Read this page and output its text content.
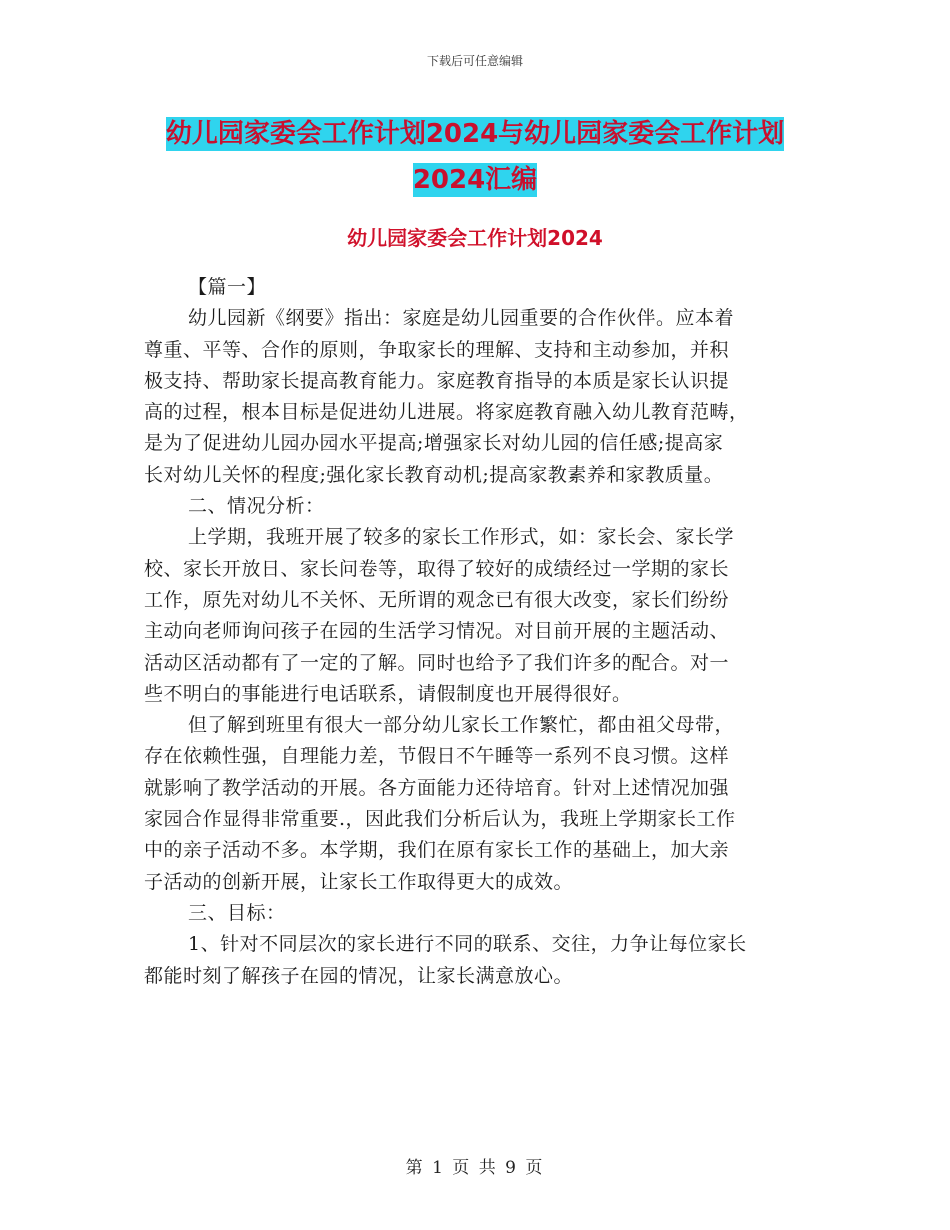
下载后可任意编辑
幼儿园家委会工作计划2024与幼儿园家委会工作计划
2024汇编
幼儿园家委会工作计划2024
【篇一】
幼儿园新《纲要》指出：家庭是幼儿园重要的合作伙伴。应本着
尊重、平等、合作的原则，争取家长的理解、支持和主动参加，并积
极支持、帮助家长提高教育能力。家庭教育指导的本质是家长认识提
高的过程，根本目标是促进幼儿进展。将家庭教育融入幼儿教育范畴，
是为了促进幼儿园办园水平提高;增强家长对幼儿园的信任感;提高家
长对幼儿关怀的程度;强化家长教育动机;提高家教素养和家教质量。
二、情况分析：
上学期，我班开展了较多的家长工作形式，如：家长会、家长学
校、家长开放日、家长问卷等，取得了较好的成绩经过一学期的家长
工作，原先对幼儿不关怀、无所谓的观念已有很大改变，家长们纷纷
主动向老师询问孩子在园的生活学习情况。对目前开展的主题活动、
活动区活动都有了一定的了解。同时也给予了我们许多的配合。对一
些不明白的事能进行电话联系，请假制度也开展得很好。
但了解到班里有很大一部分幼儿家长工作繁忙，都由祖父母带，
存在依赖性强，自理能力差，节假日不午睡等一系列不良习惯。这样
就影响了教学活动的开展。各方面能力还待培育。针对上述情况加强
家园合作显得非常重要.，因此我们分析后认为，我班上学期家长工作
中的亲子活动不多。本学期，我们在原有家长工作的基础上，加大亲
子活动的创新开展，让家长工作取得更大的成效。
三、目标：
1、针对不同层次的家长进行不同的联系、交往，力争让每位家长
都能时刻了解孩子在园的情况，让家长满意放心。
第 1 页 共 9 页
